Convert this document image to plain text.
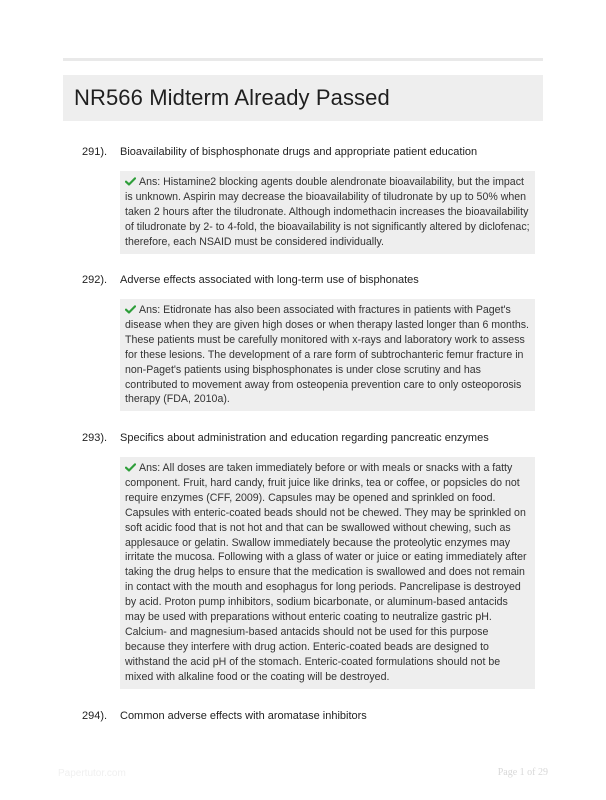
NR566 Midterm Already Passed
291).	Bioavailability of bisphosphonate drugs and appropriate patient education
Ans: Histamine2 blocking agents double alendronate bioavailability, but the impact is unknown. Aspirin may decrease the bioavailability of tiludronate by up to 50% when taken 2 hours after the tiludronate. Although indomethacin increases the bioavailability of tiludronate by 2- to 4-fold, the bioavailability is not significantly altered by diclofenac; therefore, each NSAID must be considered individually.
292).	Adverse effects associated with long-term use of bisphonates
Ans: Etidronate has also been associated with fractures in patients with Paget's disease when they are given high doses or when therapy lasted longer than 6 months. These patients must be carefully monitored with x-rays and laboratory work to assess for these lesions. The development of a rare form of subtrochanteric femur fracture in non-Paget's patients using bisphosphonates is under close scrutiny and has contributed to movement away from osteopenia prevention care to only osteoporosis therapy (FDA, 2010a).
293).	Specifics about administration and education regarding pancreatic enzymes
Ans: All doses are taken immediately before or with meals or snacks with a fatty component. Fruit, hard candy, fruit juice like drinks, tea or coffee, or popsicles do not require enzymes (CFF, 2009). Capsules may be opened and sprinkled on food. Capsules with enteric-coated beads should not be chewed. They may be sprinkled on soft acidic food that is not hot and that can be swallowed without chewing, such as applesauce or gelatin. Swallow immediately because the proteolytic enzymes may irritate the mucosa. Following with a glass of water or juice or eating immediately after taking the drug helps to ensure that the medication is swallowed and does not remain in contact with the mouth and esophagus for long periods. Pancrelipase is destroyed by acid. Proton pump inhibitors, sodium bicarbonate, or aluminum-based antacids may be used with preparations without enteric coating to neutralize gastric pH. Calcium- and magnesium-based antacids should not be used for this purpose because they interfere with drug action. Enteric-coated beads are designed to withstand the acid pH of the stomach. Enteric-coated formulations should not be mixed with alkaline food or the coating will be destroyed.
294).	Common adverse effects with aromatase inhibitors
Papertutor.com	Page 1 of 29
